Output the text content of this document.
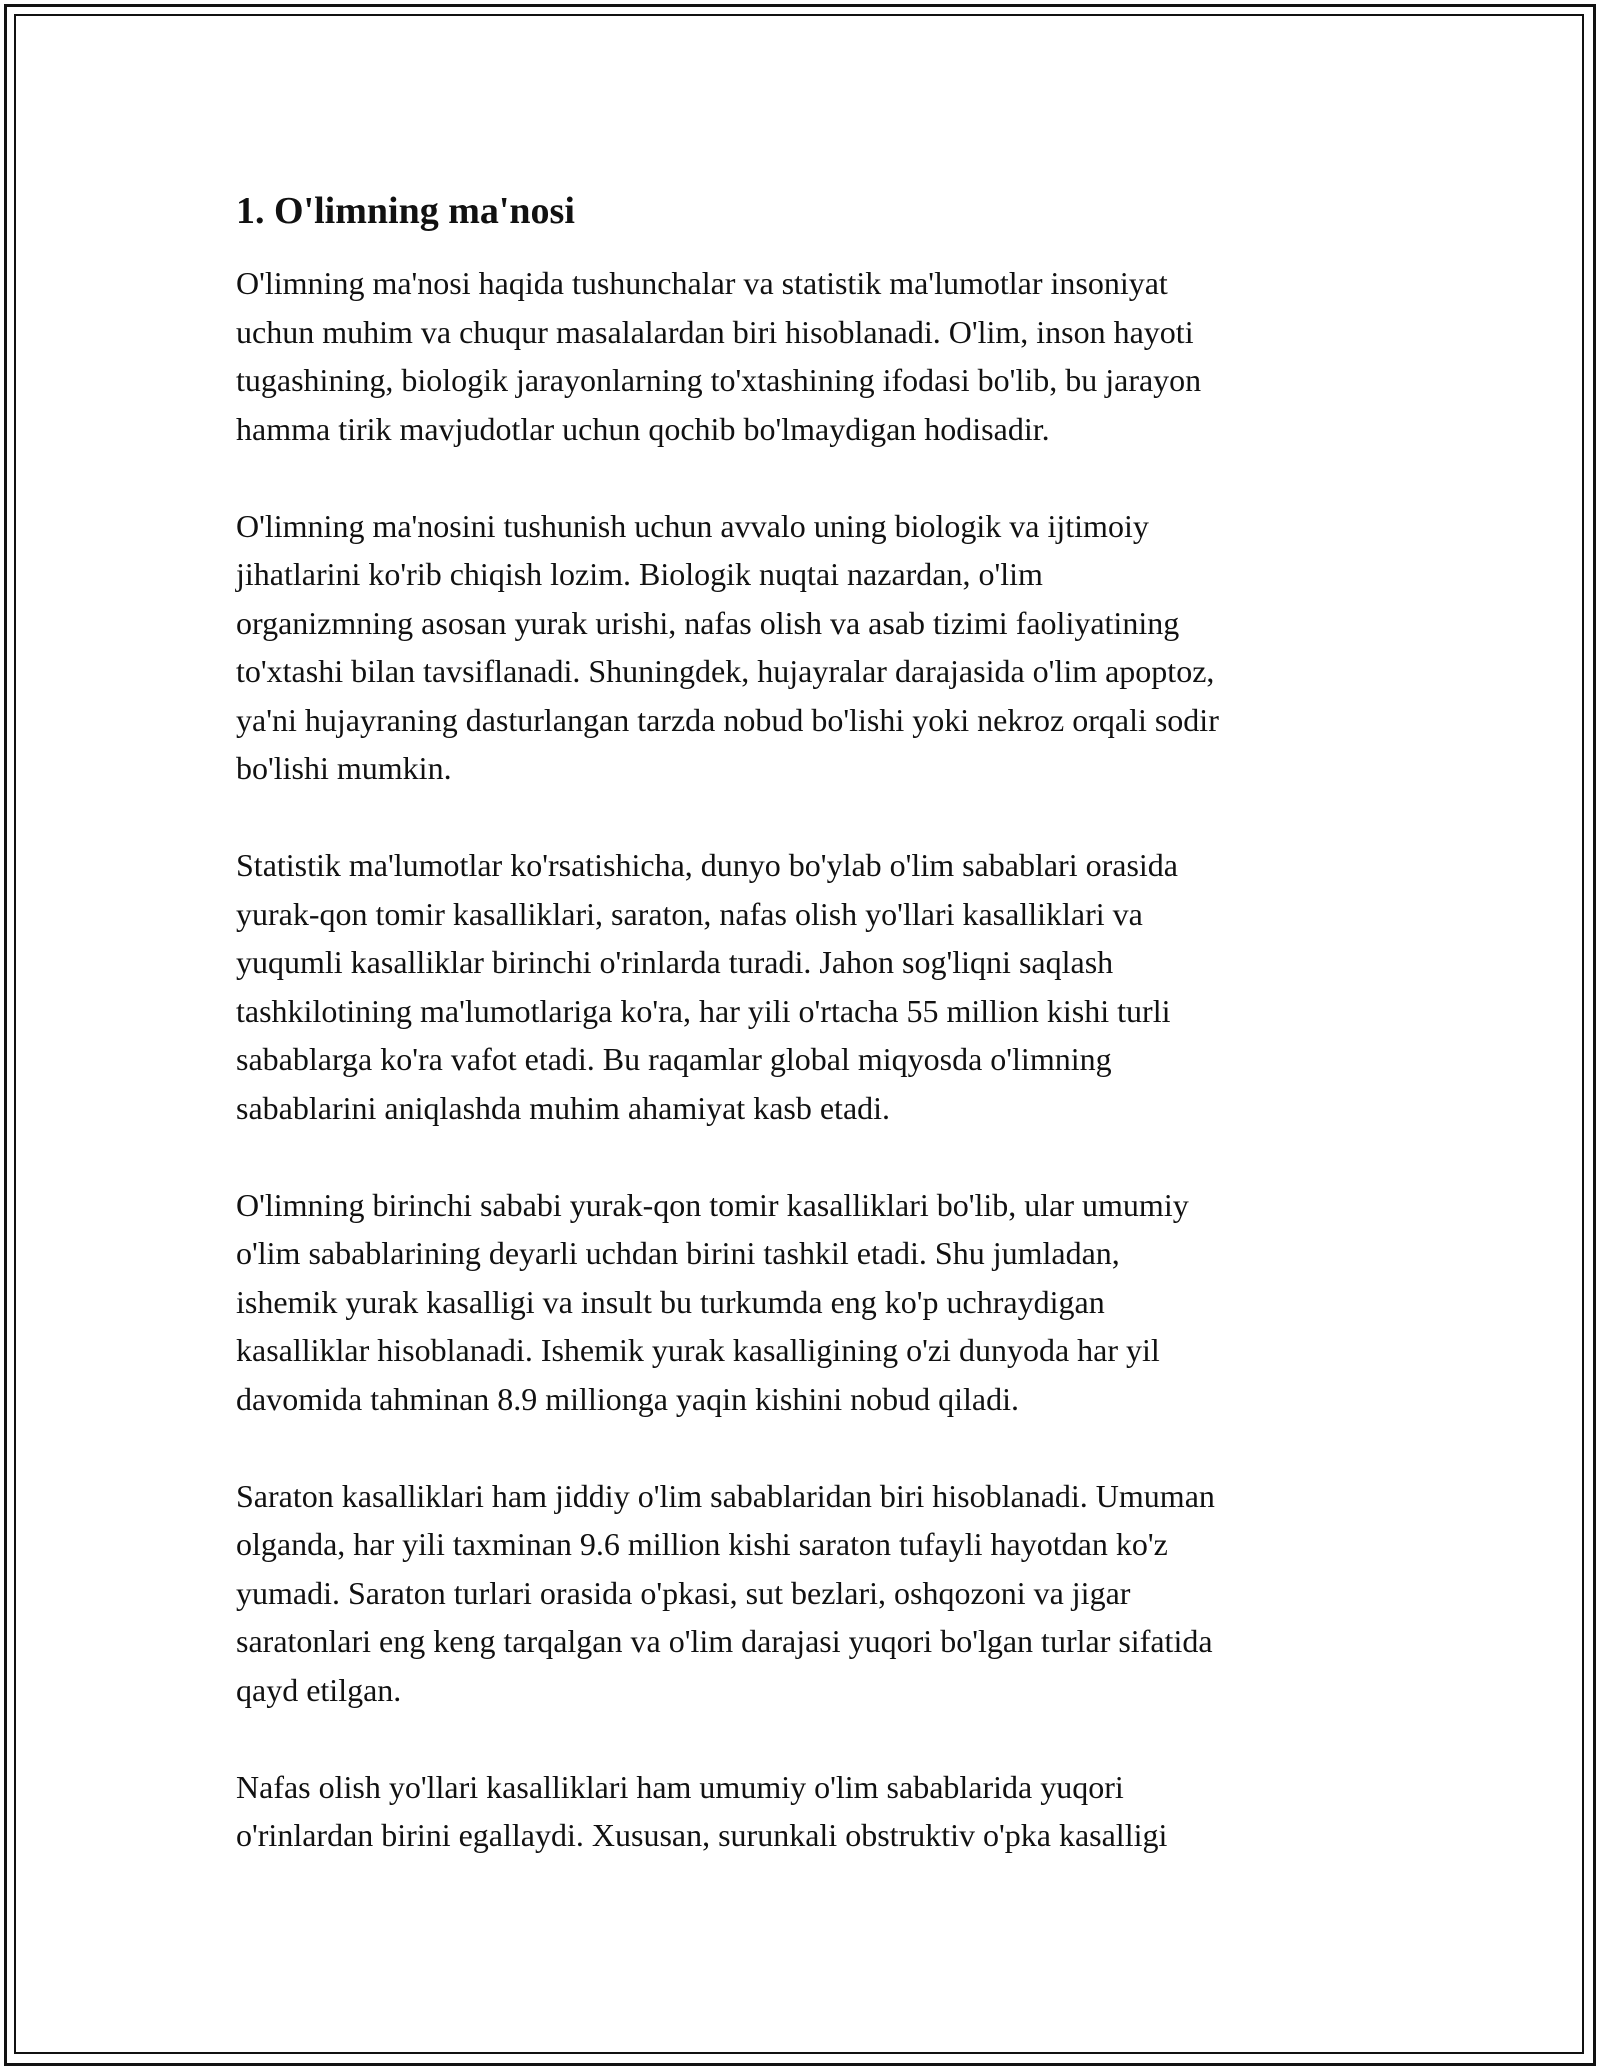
1. O'limning ma'nosi

O'limning ma'nosi haqida tushunchalar va statistik ma'lumotlar insoniyat
uchun muhim va chuqur masalalardan biri hisoblanadi. O'lim, inson hayoti
tugashining, biologik jarayonlarning to'xtashining ifodasi bo'lib, bu jarayon
hamma tirik mavjudotlar uchun qochib bo'lmaydigan hodisadir.

O'limning ma'nosini tushunish uchun avvalo uning biologik va ijtimoiy
jihatlarini ko'rib chiqish lozim. Biologik nuqtai nazardan, o'lim
organizmning asosan yurak urishi, nafas olish va asab tizimi faoliyatining
to'xtashi bilan tavsiflanadi. Shuningdek, hujayralar darajasida o'lim apoptoz,
ya'ni hujayraning dasturlangan tarzda nobud bo'lishi yoki nekroz orqali sodir
bo'lishi mumkin.

Statistik ma'lumotlar ko'rsatishicha, dunyo bo'ylab o'lim sabablari orasida
yurak-qon tomir kasalliklari, saraton, nafas olish yo'llari kasalliklari va
yuqumli kasalliklar birinchi o'rinlarda turadi. Jahon sog'liqni saqlash
tashkilotining ma'lumotlariga ko'ra, har yili o'rtacha 55 million kishi turli
sabablarga ko'ra vafot etadi. Bu raqamlar global miqyosda o'limning
sabablarini aniqlashda muhim ahamiyat kasb etadi.

O'limning birinchi sababi yurak-qon tomir kasalliklari bo'lib, ular umumiy
o'lim sabablarining deyarli uchdan birini tashkil etadi. Shu jumladan,
ishemik yurak kasalligi va insult bu turkumda eng ko'p uchraydigan
kasalliklar hisoblanadi. Ishemik yurak kasalligining o'zi dunyoda har yil
davomida tahminan 8.9 millionga yaqin kishini nobud qiladi.

Saraton kasalliklari ham jiddiy o'lim sabablaridan biri hisoblanadi. Umuman
olganda, har yili taxminan 9.6 million kishi saraton tufayli hayotdan ko'z
yumadi. Saraton turlari orasida o'pkasi, sut bezlari, oshqozoni va jigar
saratonlari eng keng tarqalgan va o'lim darajasi yuqori bo'lgan turlar sifatida
qayd etilgan.

Nafas olish yo'llari kasalliklari ham umumiy o'lim sabablarida yuqori
o'rinlardan birini egallaydi. Xususan, surunkali obstruktiv o'pka kasalligi
